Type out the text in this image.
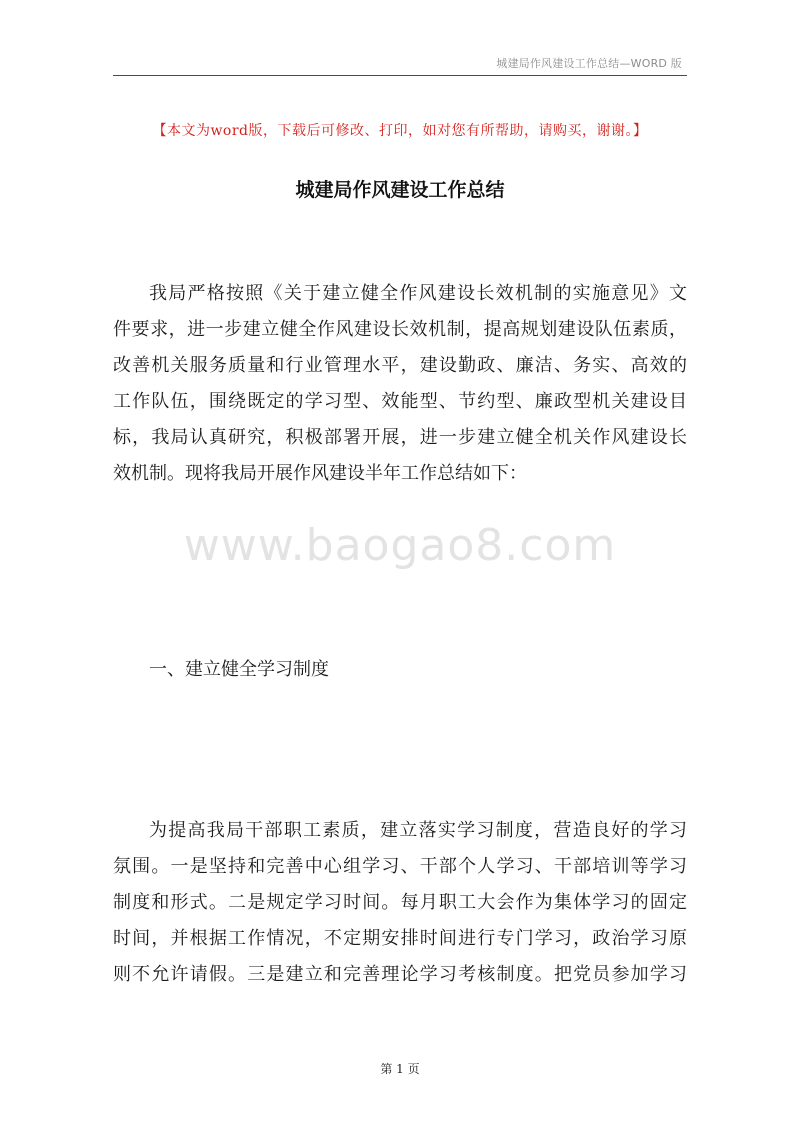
城建局作风建设工作总结—WORD 版
【本文为word版，下载后可修改、打印，如对您有所帮助，请购买，谢谢。】
城建局作风建设工作总结
我局严格按照《关于建立健全作风建设长效机制的实施意见》文
件要求，进一步建立健全作风建设长效机制，提高规划建设队伍素质，
改善机关服务质量和行业管理水平，建设勤政、廉洁、务实、高效的
工作队伍，围绕既定的学习型、效能型、节约型、廉政型机关建设目
标，我局认真研究，积极部署开展，进一步建立健全机关作风建设长
效机制。现将我局开展作风建设半年工作总结如下：
www.baogao8.com
一、建立健全学习制度
为提高我局干部职工素质，建立落实学习制度，营造良好的学习
氛围。一是坚持和完善中心组学习、干部个人学习、干部培训等学习
制度和形式。二是规定学习时间。每月职工大会作为集体学习的固定
时间，并根据工作情况，不定期安排时间进行专门学习，政治学习原
则不允许请假。三是建立和完善理论学习考核制度。把党员参加学习
第 1 页
